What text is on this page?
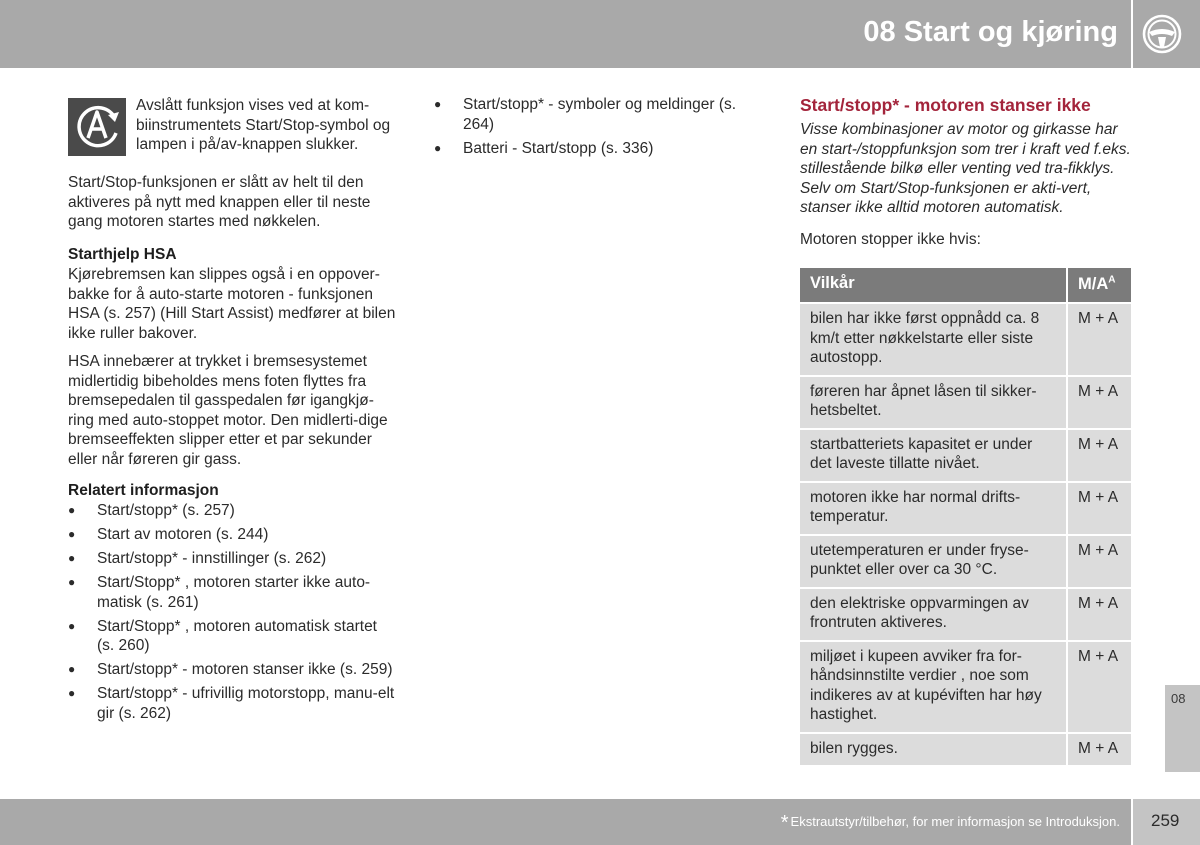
08 Start og kjøring

Avslått funksjon vises ved at kom-biinstrumentets Start/Stop-symbol og lampen i på/av-knappen slukker.

Start/Stop-funksjonen er slått av helt til den aktiveres på nytt med knappen eller til neste gang motoren startes med nøkkelen.

Starthjelp HSA

Kjørebremsen kan slippes også i en oppover-bakke for å auto-starte motoren - funksjonen HSA (s. 257) (Hill Start Assist) medfører at bilen ikke ruller bakover.

HSA innebærer at trykket i bremsesystemet midlertidig bibeholdes mens foten flyttes fra bremsepedalen til gasspedalen før igangkjø-ring med auto-stoppet motor. Den midlerti-dige bremseeffekten slipper etter et par sekunder eller når føreren gir gass.

Relatert informasjon

● Start/stopp* (s. 257)
● Start av motoren (s. 244)
● Start/stopp* - innstillinger (s. 262)
● Start/Stopp* , motoren starter ikke auto-matisk (s. 261)
● Start/Stopp* , motoren automatisk startet (s. 260)
● Start/stopp* - motoren stanser ikke (s. 259)
● Start/stopp* - ufrivillig motorstopp, manu-elt gir (s. 262)
● Start/stopp* - symboler og meldinger (s. 264)
● Batteri - Start/stopp (s. 336)
Start/stopp* - motoren stanser ikke

Visse kombinasjoner av motor og girkasse har en start-/stoppfunksjon som trer i kraft ved f.eks. stillestående bilkø eller venting ved tra-fikklys. Selv om Start/Stop-funksjonen er akti-vert, stanser ikke alltid motoren automatisk.

Motoren stopper ikke hvis:

Vilkår	$M/A^A$
bilen har ikke først oppnådd ca. 8 km/t etter nøkkelstarte eller siste autostopp.
M + A
føreren har åpnet låsen til sikker-hetsbeltet.
M + A
startbatteriets kapasitet er under det laveste tillatte nivået.
M + A
motoren ikke har normal drifts-temperatur.
M + A
utetemperaturen er under fryse-punktet eller over ca 30 °C.
M + A
den elektriske oppvarmingen av frontruten aktiveres.
M + A
miljøet i kupeen avviker fra for-håndsinnstilte verdier , noe som indikeres av at kupéviften har høy hastighet.
M + A
bilen rygges.	M + A
08
* Ekstrautstyr/tilbehør, for mer informasjon se Introduksjon. 259
